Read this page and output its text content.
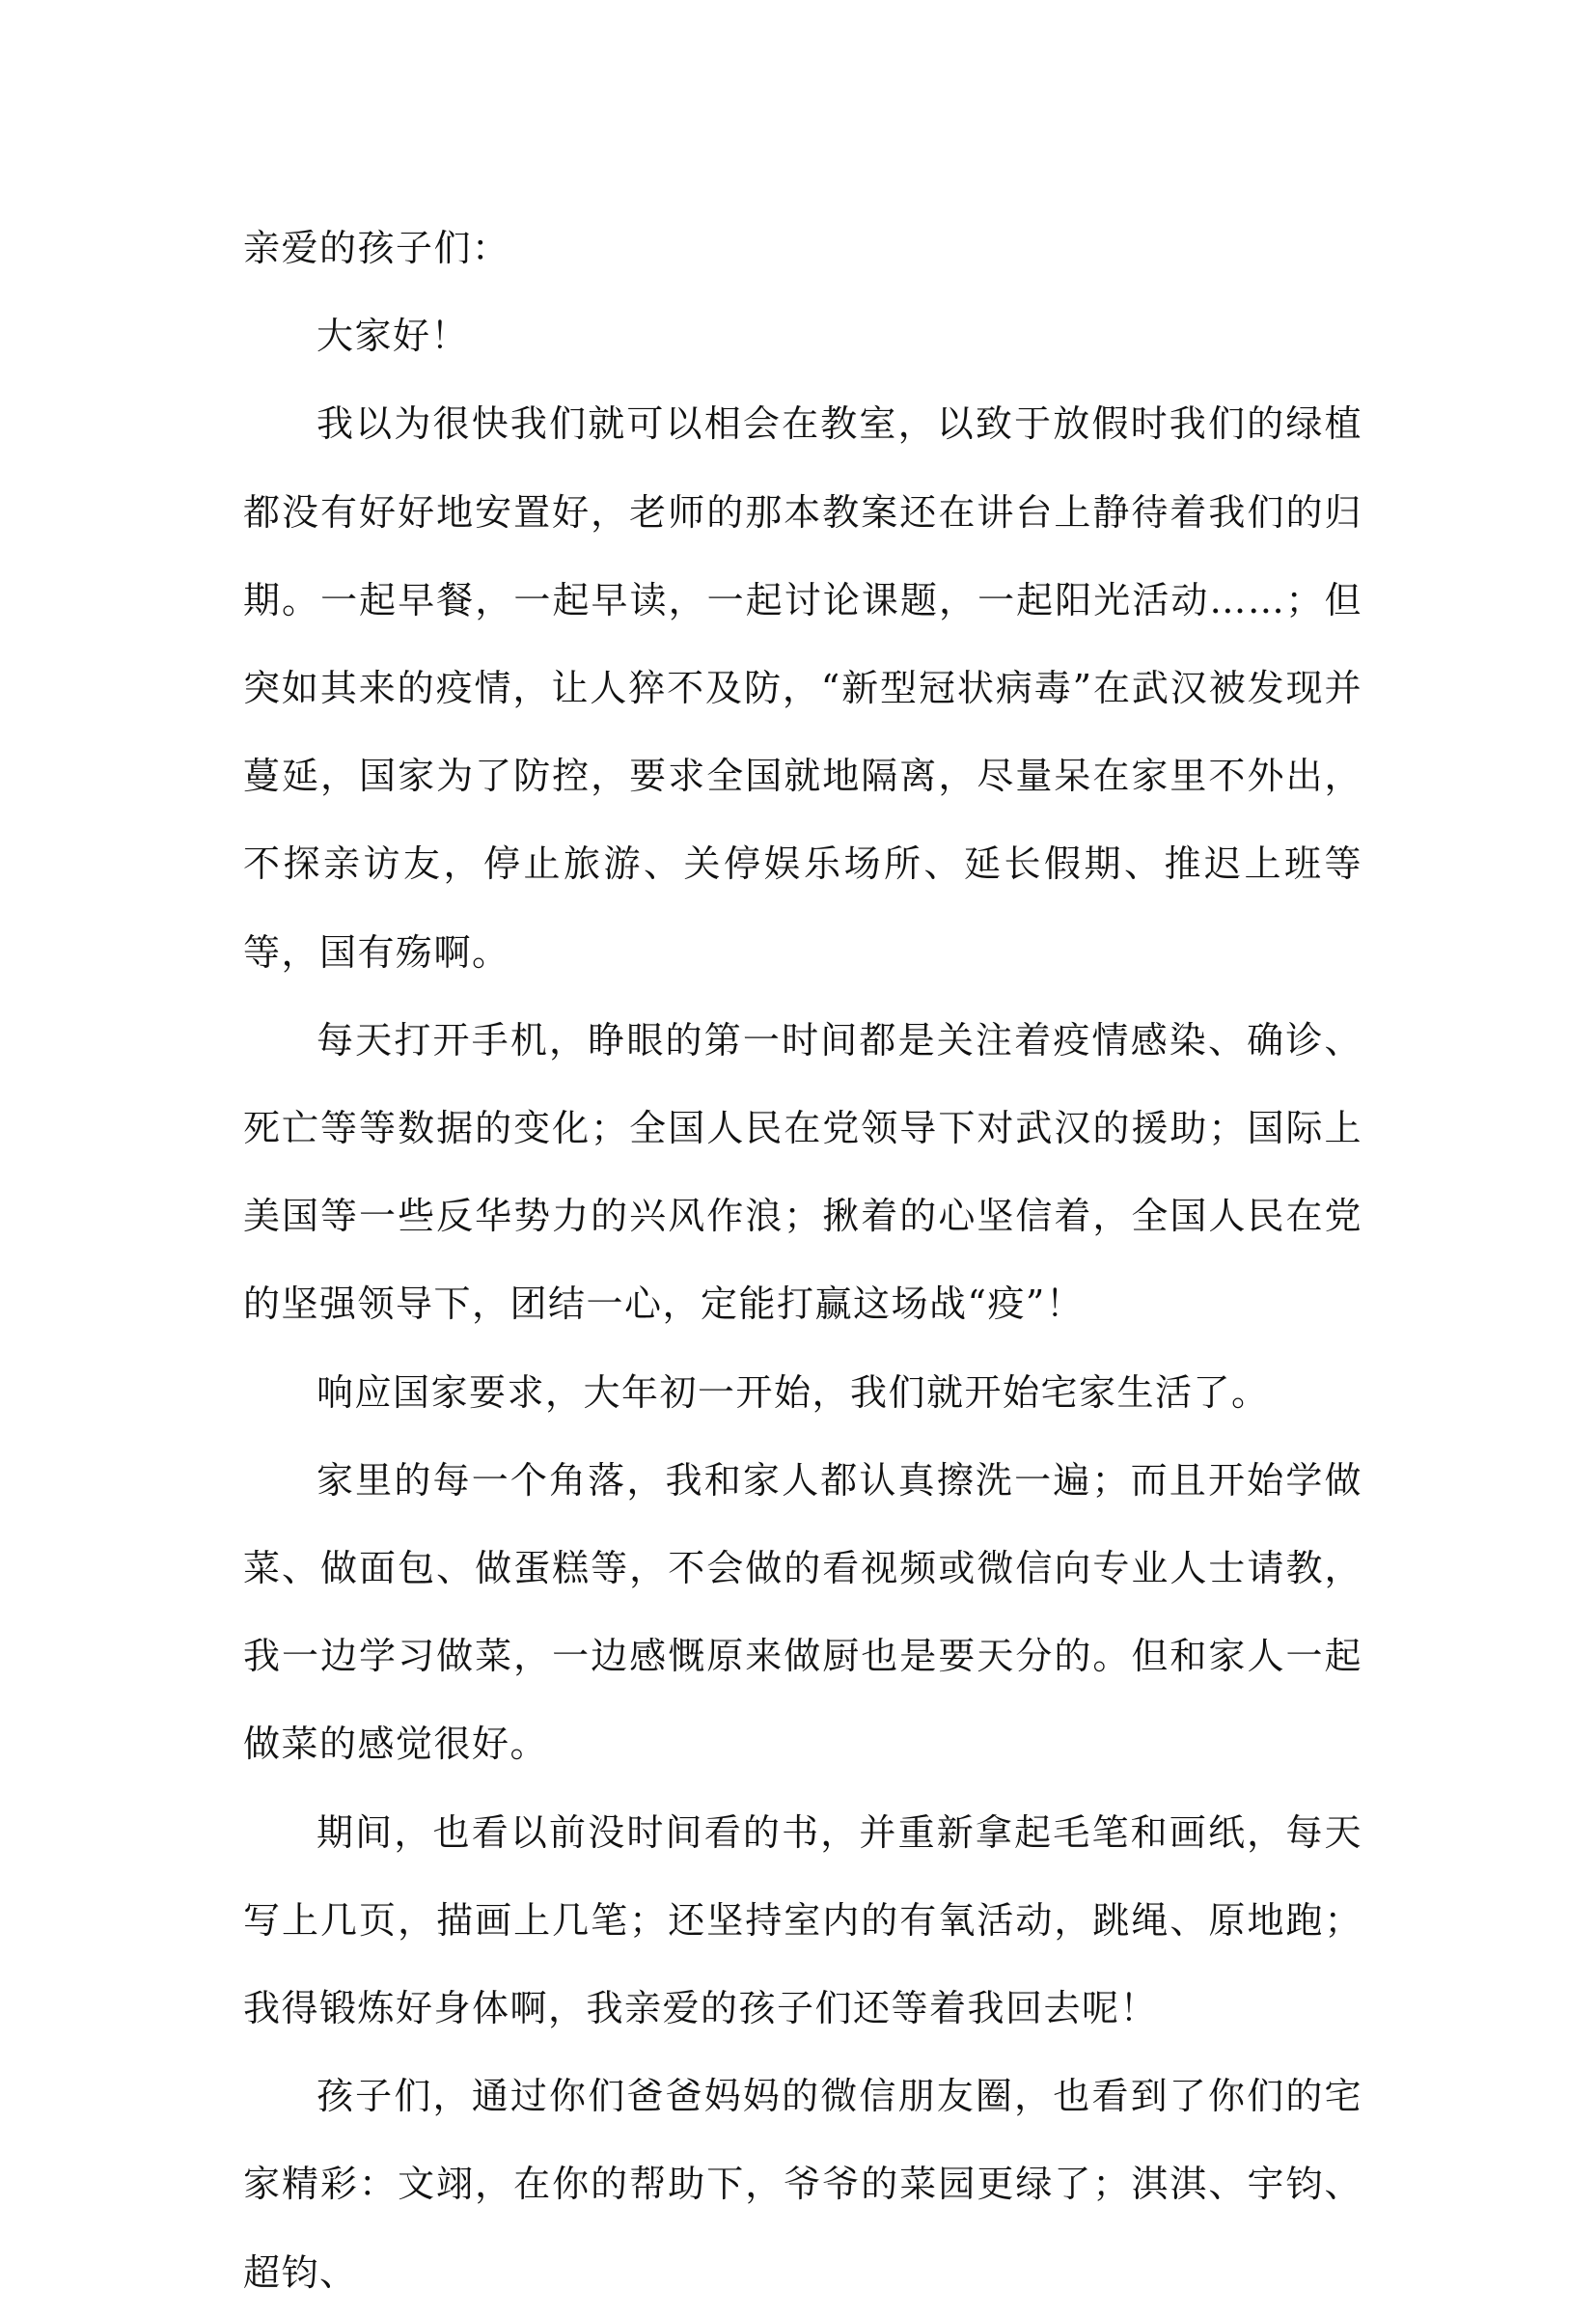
亲爱的孩子们：

大家好！

我以为很快我们就可以相会在教室，以致于放假时我们的绿植都没有好好地安置好，老师的那本教案还在讲台上静待着我们的归期。一起早餐，一起早读，一起讨论课题，一起阳光活动……；但突如其来的疫情，让人猝不及防，“新型冠状病毒”在武汉被发现并蔓延，国家为了防控，要求全国就地隔离，尽量呆在家里不外出，不探亲访友，停止旅游、关停娱乐场所、延长假期、推迟上班等等，国有殇啊。

每天打开手机，睁眼的第一时间都是关注着疫情感染、确诊、死亡等等数据的变化；全国人民在党领导下对武汉的援助；国际上美国等一些反华势力的兴风作浪；揪着的心坚信着，全国人民在党的坚强领导下，团结一心，定能打赢这场战“疫”！

响应国家要求，大年初一开始，我们就开始宅家生活了。

家里的每一个角落，我和家人都认真擦洗一遍；而且开始学做菜、做面包、做蛋糕等，不会做的看视频或微信向专业人士请教，我一边学习做菜，一边感慨原来做厨也是要天分的。但和家人一起做菜的感觉很好。

期间，也看以前没时间看的书，并重新拿起毛笔和画纸，每天写上几页，描画上几笔；还坚持室内的有氧活动，跳绳、原地跑；我得锻炼好身体啊，我亲爱的孩子们还等着我回去呢！

孩子们，通过你们爸爸妈妈的微信朋友圈，也看到了你们的宅家精彩：文翊，在你的帮助下，爷爷的菜园更绿了；淇淇、宇钧、超钧、
